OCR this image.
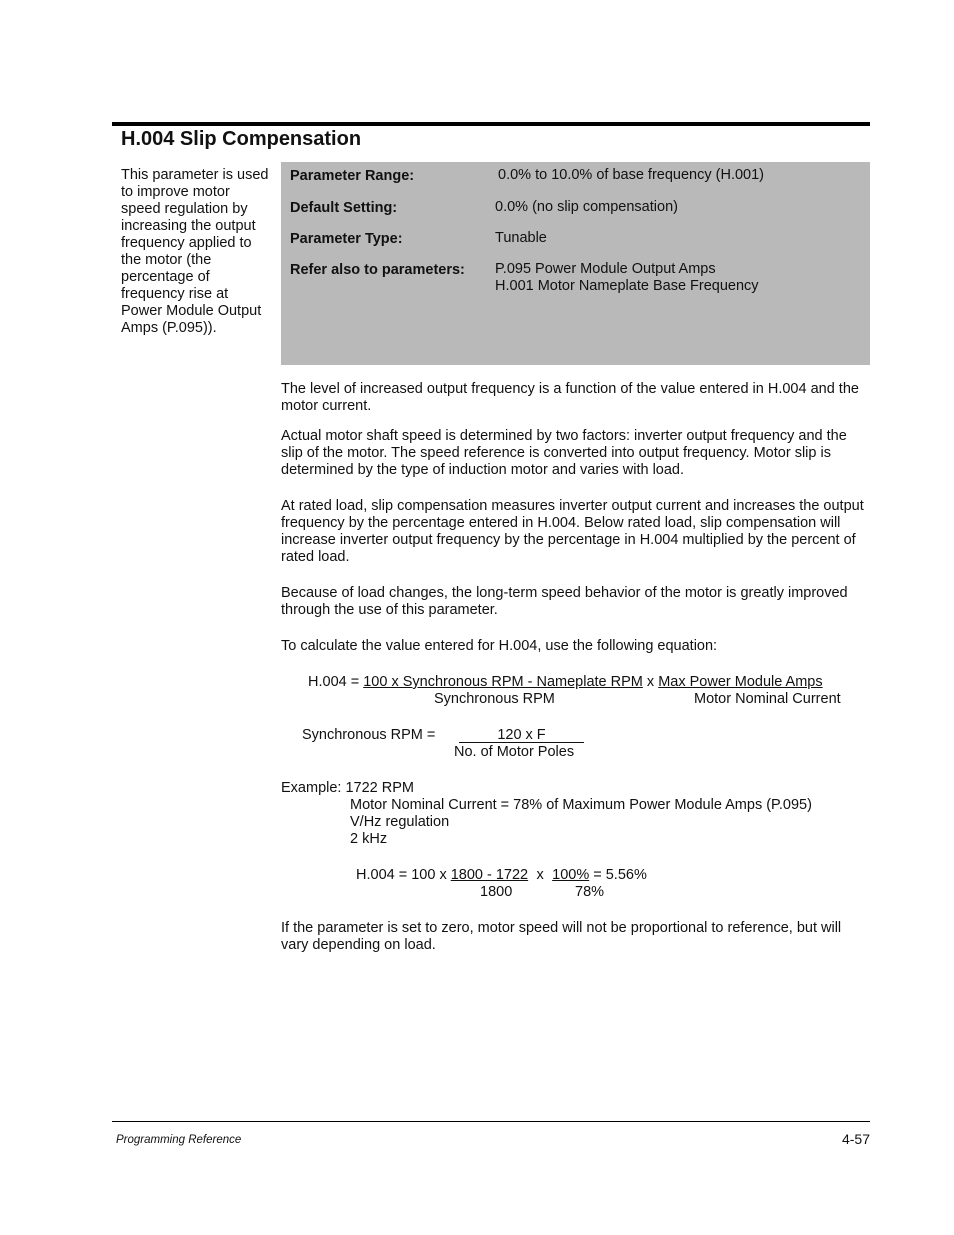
H.004 Slip Compensation
This parameter is used to improve motor speed regulation by increasing the output frequency applied to the motor (the percentage of frequency rise at Power Module Output Amps (P.095)).
Parameter Range:	0.0% to 10.0% of base frequency (H.001)
Default Setting:	0.0% (no slip compensation)
Parameter Type:	Tunable
Refer also to parameters: P.095 Power Module Output Amps
H.001 Motor Nameplate Base Frequency
The level of increased output frequency is a function of the value entered in H.004 and the motor current.
Actual motor shaft speed is determined by two factors: inverter output frequency and the slip of the motor. The speed reference is converted into output frequency. Motor slip is determined by the type of induction motor and varies with load.
At rated load, slip compensation measures inverter output current and increases the output frequency by the percentage entered in H.004. Below rated load, slip compensation will increase inverter output frequency by the percentage in H.004 multiplied by the percent of rated load.
Because of load changes, the long-term speed behavior of the motor is greatly improved through the use of this parameter.
To calculate the value entered for H.004, use the following equation:
H.004 = 100 x Synchronous RPM - Nameplate RPM x Max Power Module Amps
Synchronous RPM	Motor Nominal Current
Synchronous RPM =	120 x F
No. of Motor Poles
Example: 1722 RPM
Motor Nominal Current = 78% of Maximum Power Module Amps (P.095)
V/Hz regulation
2 kHz
H.004 = 100 x 1800 - 1722 x 100% = 5.56%
1800	78%
If the parameter is set to zero, motor speed will not be proportional to reference, but will vary depending on load.
Programming Reference	4-57
